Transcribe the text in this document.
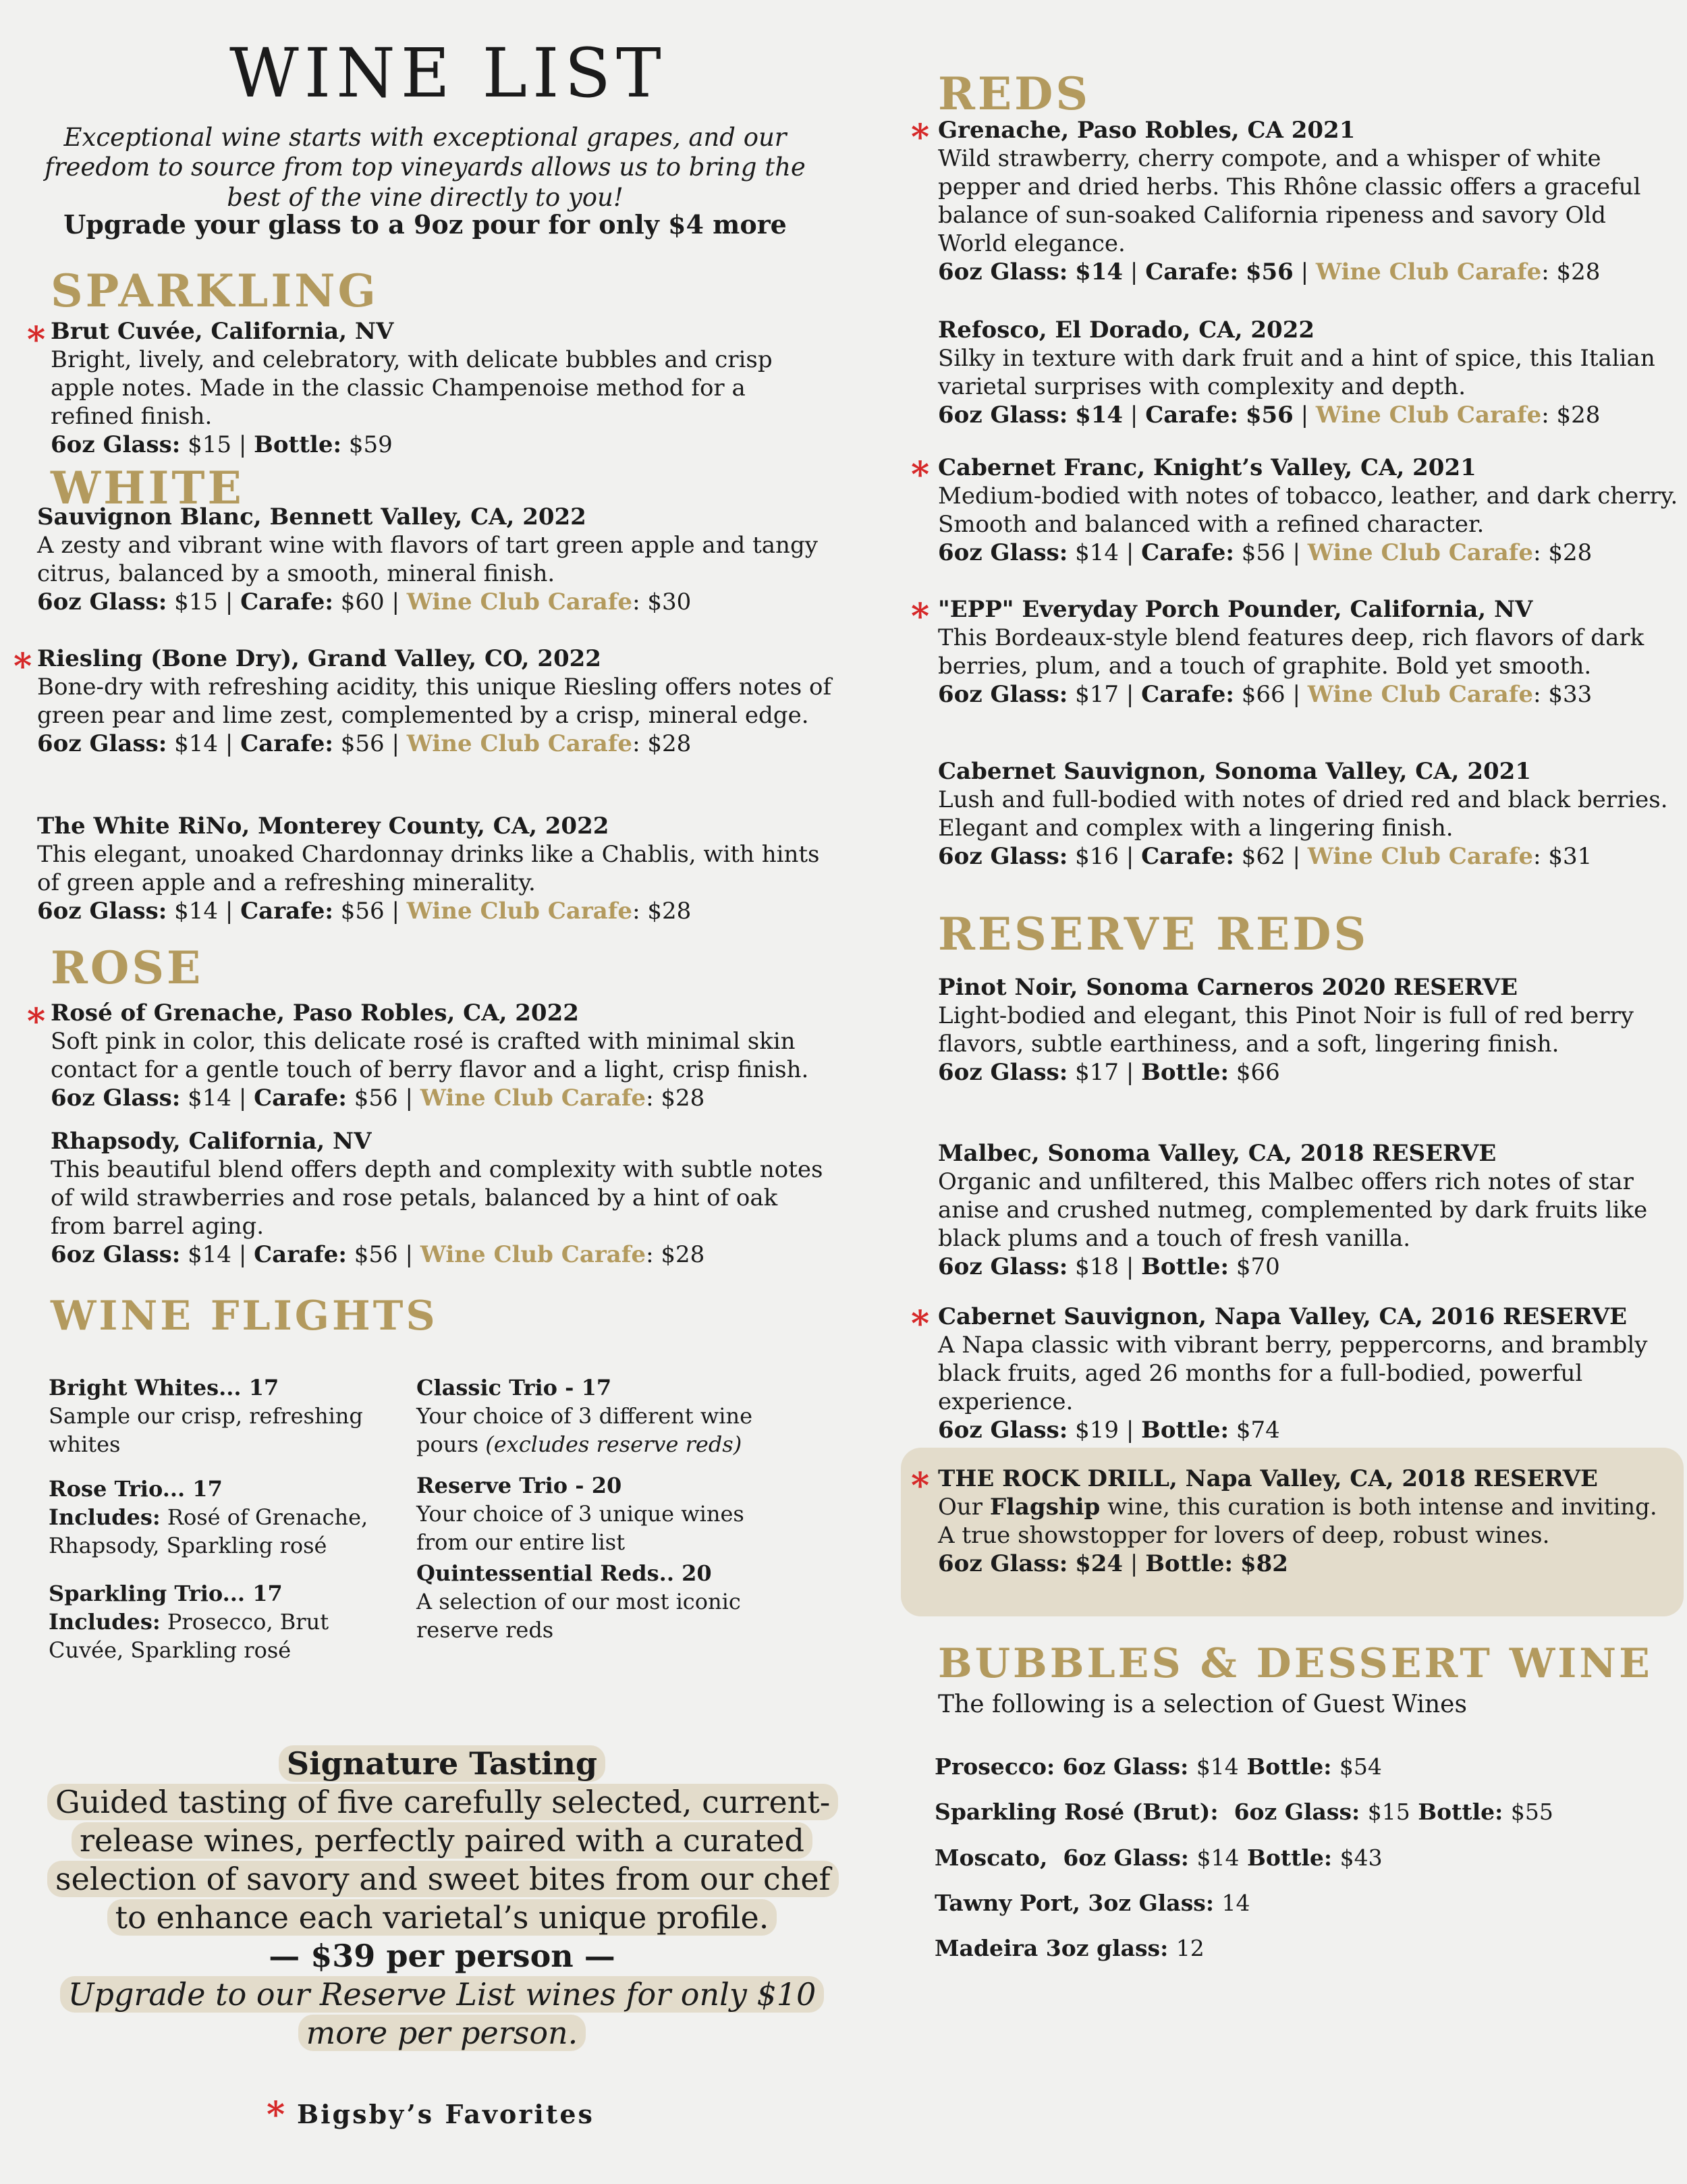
WINE LIST
Exceptional wine starts with exceptional grapes, and our freedom to source from top vineyards allows us to bring the best of the vine directly to you!
Upgrade your glass to a 9oz pour for only $4 more
SPARKLING
* Brut Cuvée, California, NV
Bright, lively, and celebratory, with delicate bubbles and crisp apple notes. Made in the classic Champenoise method for a refined finish.
6oz Glass: $15 | Bottle: $59
WHITE
Sauvignon Blanc, Bennett Valley, CA, 2022
A zesty and vibrant wine with flavors of tart green apple and tangy citrus, balanced by a smooth, mineral finish.
6oz Glass: $15 | Carafe: $60 | Wine Club Carafe: $30
* Riesling (Bone Dry), Grand Valley, CO, 2022
Bone-dry with refreshing acidity, this unique Riesling offers notes of green pear and lime zest, complemented by a crisp, mineral edge.
6oz Glass: $14 | Carafe: $56 | Wine Club Carafe: $28
The White RiNo, Monterey County, CA, 2022
This elegant, unoaked Chardonnay drinks like a Chablis, with hints of green apple and a refreshing minerality.
6oz Glass: $14 | Carafe: $56 | Wine Club Carafe: $28
ROSE
* Rosé of Grenache, Paso Robles, CA, 2022
Soft pink in color, this delicate rosé is crafted with minimal skin contact for a gentle touch of berry flavor and a light, crisp finish.
6oz Glass: $14 | Carafe: $56 | Wine Club Carafe: $28
Rhapsody, California, NV
This beautiful blend offers depth and complexity with subtle notes of wild strawberries and rose petals, balanced by a hint of oak from barrel aging.
6oz Glass: $14 | Carafe: $56 | Wine Club Carafe: $28
WINE FLIGHTS
Bright Whites... 17
Sample our crisp, refreshing whites
Rose Trio... 17
Includes: Rosé of Grenache, Rhapsody, Sparkling rosé
Sparkling Trio... 17
Includes: Prosecco, Brut Cuvée, Sparkling rosé
Classic Trio - 17
Your choice of 3 different wine pours (excludes reserve reds)
Reserve Trio - 20
Your choice of 3 unique wines from our entire list
Quintessential Reds.. 20
A selection of our most iconic reserve reds
Signature Tasting
Guided tasting of five carefully selected, current-release wines, perfectly paired with a curated selection of savory and sweet bites from our chef to enhance each varietal’s unique profile.
— $39 per person —
Upgrade to our Reserve List wines for only $10 more per person.
* Bigsby’s Favorites
REDS
* Grenache, Paso Robles, CA 2021
Wild strawberry, cherry compote, and a whisper of white pepper and dried herbs. This Rhône classic offers a graceful balance of sun-soaked California ripeness and savory Old World elegance.
6oz Glass: $14 | Carafe: $56 | Wine Club Carafe: $28
Refosco, El Dorado, CA, 2022
Silky in texture with dark fruit and a hint of spice, this Italian varietal surprises with complexity and depth.
6oz Glass: $14 | Carafe: $56 | Wine Club Carafe: $28
* Cabernet Franc, Knight’s Valley, CA, 2021
Medium-bodied with notes of tobacco, leather, and dark cherry. Smooth and balanced with a refined character.
6oz Glass: $14 | Carafe: $56 | Wine Club Carafe: $28
* "EPP" Everyday Porch Pounder, California, NV
This Bordeaux-style blend features deep, rich flavors of dark berries, plum, and a touch of graphite. Bold yet smooth.
6oz Glass: $17 | Carafe: $66 | Wine Club Carafe: $33
Cabernet Sauvignon, Sonoma Valley, CA, 2021
Lush and full-bodied with notes of dried red and black berries. Elegant and complex with a lingering finish.
6oz Glass: $16 | Carafe: $62 | Wine Club Carafe: $31
RESERVE REDS
Pinot Noir, Sonoma Carneros 2020 RESERVE
Light-bodied and elegant, this Pinot Noir is full of red berry flavors, subtle earthiness, and a soft, lingering finish.
6oz Glass: $17 | Bottle: $66
Malbec, Sonoma Valley, CA, 2018 RESERVE
Organic and unfiltered, this Malbec offers rich notes of star anise and crushed nutmeg, complemented by dark fruits like black plums and a touch of fresh vanilla.
6oz Glass: $18 | Bottle: $70
* Cabernet Sauvignon, Napa Valley, CA, 2016 RESERVE
A Napa classic with vibrant berry, peppercorns, and brambly black fruits, aged 26 months for a full-bodied, powerful experience.
6oz Glass: $19 | Bottle: $74
* THE ROCK DRILL, Napa Valley, CA, 2018 RESERVE
Our Flagship wine, this curation is both intense and inviting. A true showstopper for lovers of deep, robust wines.
6oz Glass: $24 | Bottle: $82
BUBBLES & DESSERT WINE
The following is a selection of Guest Wines
Prosecco: 6oz Glass: $14 Bottle: $54
Sparkling Rosé (Brut): 6oz Glass: $15 Bottle: $55
Moscato, 6oz Glass: $14 Bottle: $43
Tawny Port, 3oz Glass: 14
Madeira 3oz glass: 12
